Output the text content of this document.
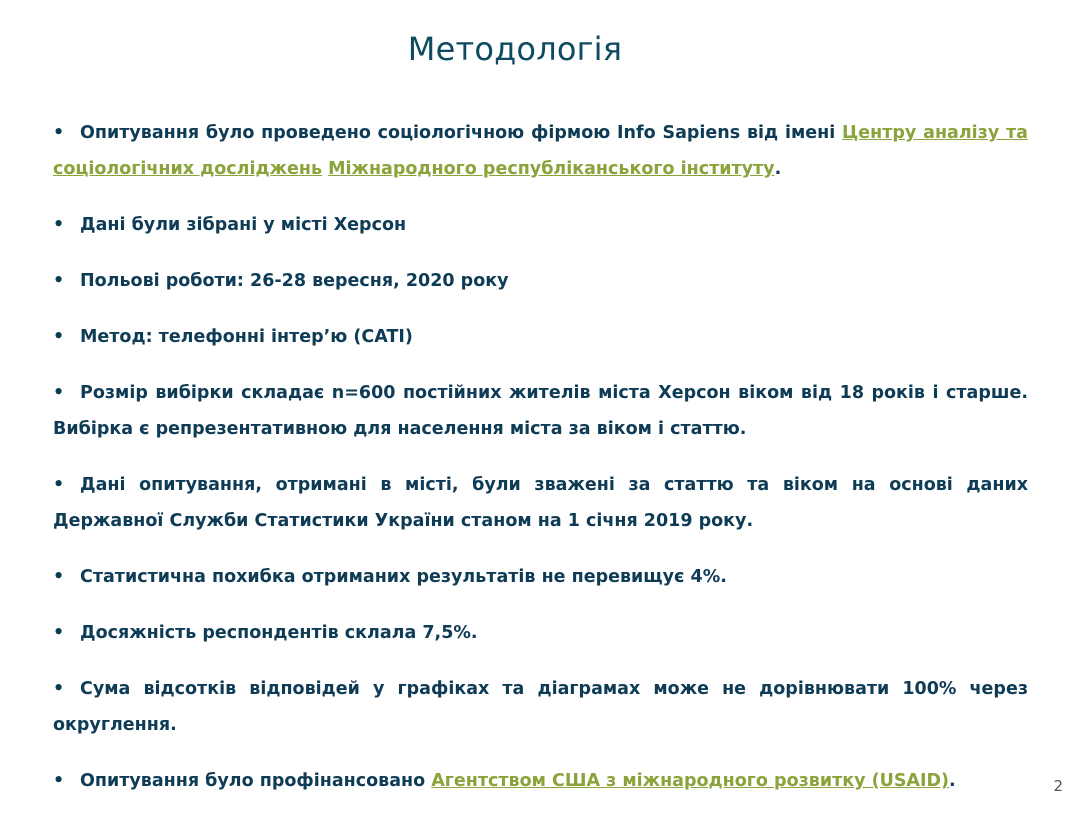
Методологія
• Опитування було проведено соціологічною фірмою Info Sapiens від імені Центру аналізу та соціологічних досліджень Міжнародного республіканського інституту.
• Дані були зібрані у місті Херсон
• Польові роботи: 26-28 вересня, 2020 року
• Метод: телефонні інтер’ю (CATI)
• Розмір вибірки складає n=600 постійних жителів міста Херсон віком від 18 років і старше. Вибірка є репрезентативною для населення міста за віком і статтю.
• Дані опитування, отримані в місті, були зважені за статтю та віком на основі даних Державної Служби Статистики України станом на 1 січня 2019 року.
• Статистична похибка отриманих результатів не перевищує 4%.
• Досяжність респондентів склала 7,5%.
• Сума відсотків відповідей у графіках та діаграмах може не дорівнювати 100% через округлення.
• Опитування було профінансовано Агентством США з міжнародного розвитку (USAID).	2
